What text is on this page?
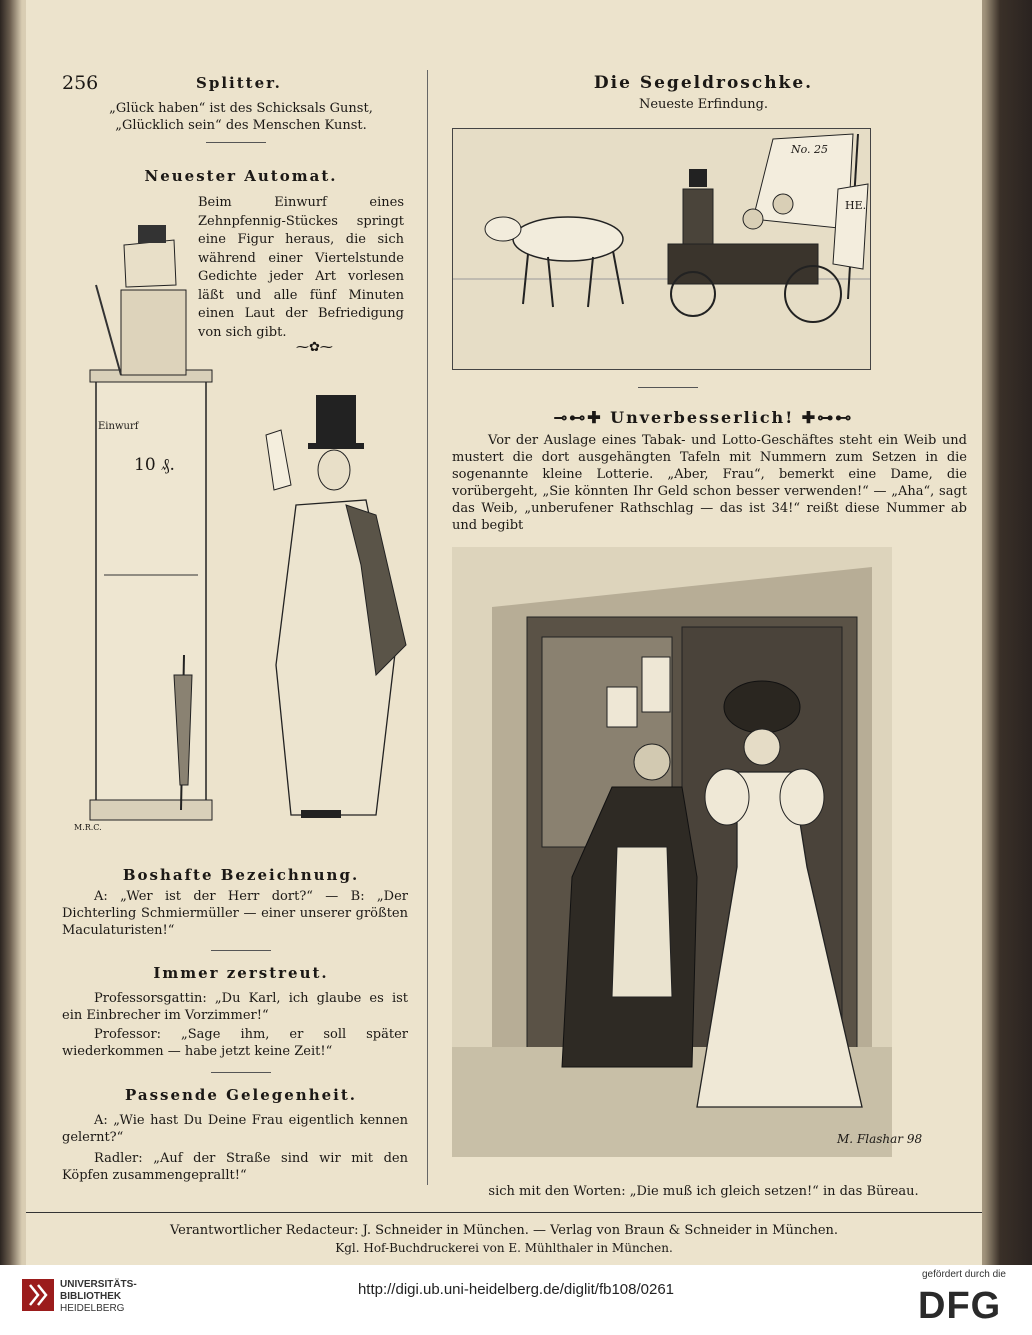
256	Splitter.
„Glück haben“ ist des Schicksals Gunst,
„Glücklich sein“ des Menschen Kunst.
Neuester Automat.
Beim Einwurf eines Zehnpfennig-Stückes springt eine Figur heraus, die sich während einer Viertelstunde Gedichte jeder Art vorlesen läßt und alle fünf Minuten einen Laut der Befriedigung von sich gibt.
⁓✿⁓
Einwurf
10 ₰.
M.R.C.
Boshafte Bezeichnung.
A: „Wer ist der Herr dort?“ — B: „Der Dichterling Schmiermüller — einer unserer größten Maculaturisten!“
Immer zerstreut.
Professorsgattin: „Du Karl, ich glaube es ist ein Einbrecher im Vorzimmer!“
Professor: „Sage ihm, er soll später wiederkommen — habe jetzt keine Zeit!“
Passende Gelegenheit.
A: „Wie hast Du Deine Frau eigentlich kennen gelernt?“
Radler: „Auf der Straße sind wir mit den Köpfen zusammengeprallt!“
Die Segeldroschke.
Neueste Erfindung.
No. 25
HE.
⊸⊷✚ Unverbesserlich! ✚⊶⊷
Vor der Auslage eines Tabak- und Lotto-Geschäftes steht ein Weib und mustert die dort ausgehängten Tafeln mit Nummern zum Setzen in die sogenannte kleine Lotterie. „Aber, Frau“, bemerkt eine Dame, die vorübergeht, „Sie könnten Ihr Geld schon besser verwenden!“ — „Aha“, sagt das Weib, „unberufener Rathschlag — das ist 34!“ reißt diese Nummer ab und begibt
M. Flashar 98
sich mit den Worten: „Die muß ich gleich setzen!“ in das Büreau.
Verantwortlicher Redacteur: J. Schneider in München. — Verlag von Braun & Schneider in München.
Kgl. Hof-Buchdruckerei von E. Mühlthaler in München.
UNIVERSITÄTS-
BIBLIOTHEK
HEIDELBERG
http://digi.ub.uni-heidelberg.de/diglit/fb108/0261
gefördert durch die
DFG
